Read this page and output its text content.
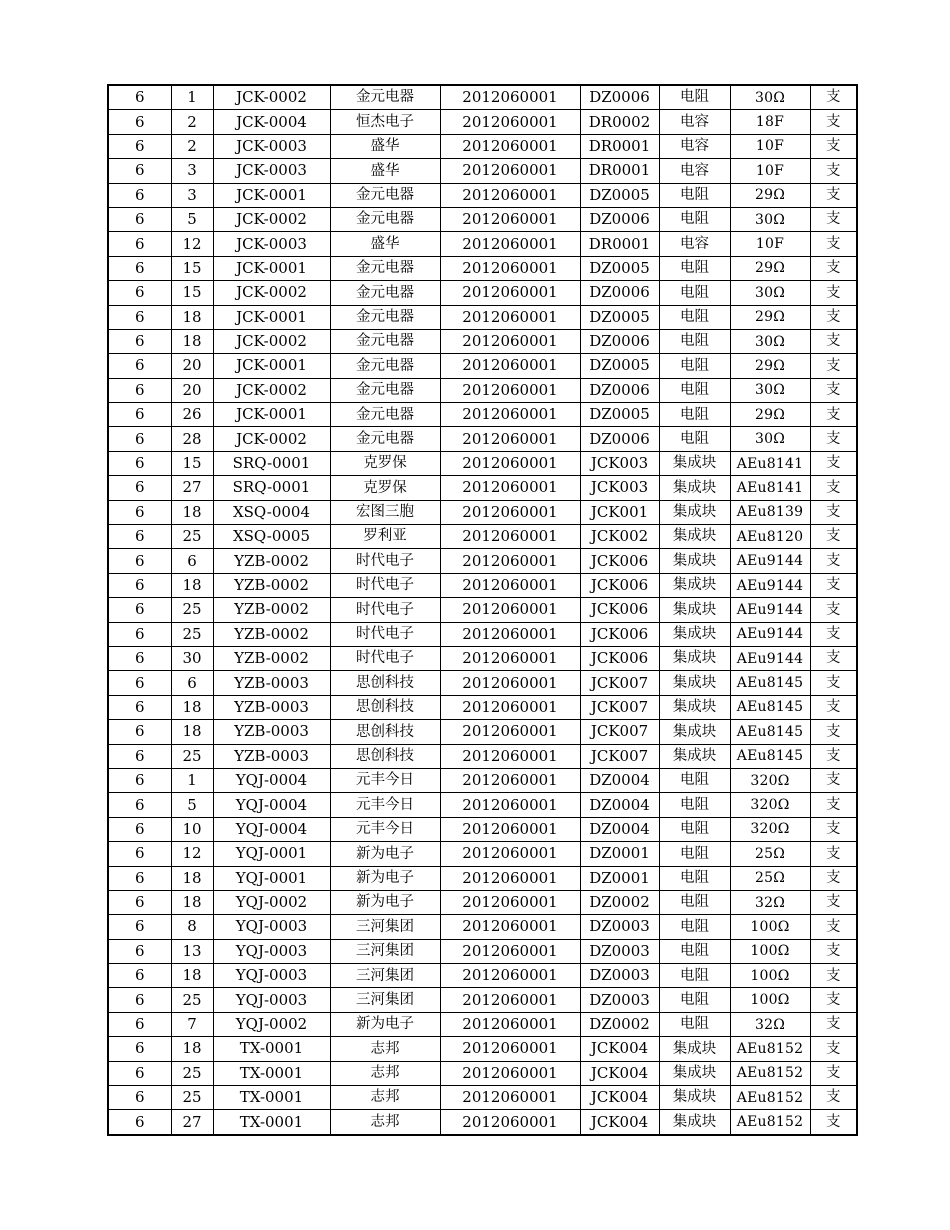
6	1	JCK-0002	金元电器	2012060001	DZ0006	电阻	30Ω	支
6	2	JCK-0004	恒杰电子	2012060001	DR0002	电容	18F	支
6	2	JCK-0003	盛华	2012060001	DR0001	电容	10F	支
6	3	JCK-0003	盛华	2012060001	DR0001	电容	10F	支
6	3	JCK-0001	金元电器	2012060001	DZ0005	电阻	29Ω	支
6	5	JCK-0002	金元电器	2012060001	DZ0006	电阻	30Ω	支
6	12	JCK-0003	盛华	2012060001	DR0001	电容	10F	支
6	15	JCK-0001	金元电器	2012060001	DZ0005	电阻	29Ω	支
6	15	JCK-0002	金元电器	2012060001	DZ0006	电阻	30Ω	支
6	18	JCK-0001	金元电器	2012060001	DZ0005	电阻	29Ω	支
6	18	JCK-0002	金元电器	2012060001	DZ0006	电阻	30Ω	支
6	20	JCK-0001	金元电器	2012060001	DZ0005	电阻	29Ω	支
6	20	JCK-0002	金元电器	2012060001	DZ0006	电阻	30Ω	支
6	26	JCK-0001	金元电器	2012060001	DZ0005	电阻	29Ω	支
6	28	JCK-0002	金元电器	2012060001	DZ0006	电阻	30Ω	支
6	15	SRQ-0001	克罗保	2012060001	JCK003	集成块	AEu8141	支
6	27	SRQ-0001	克罗保	2012060001	JCK003	集成块	AEu8141	支
6	18	XSQ-0004	宏图三胞	2012060001	JCK001	集成块	AEu8139	支
6	25	XSQ-0005	罗利亚	2012060001	JCK002	集成块	AEu8120	支
6	6	YZB-0002	时代电子	2012060001	JCK006	集成块	AEu9144	支
6	18	YZB-0002	时代电子	2012060001	JCK006	集成块	AEu9144	支
6	25	YZB-0002	时代电子	2012060001	JCK006	集成块	AEu9144	支
6	25	YZB-0002	时代电子	2012060001	JCK006	集成块	AEu9144	支
6	30	YZB-0002	时代电子	2012060001	JCK006	集成块	AEu9144	支
6	6	YZB-0003	思创科技	2012060001	JCK007	集成块	AEu8145	支
6	18	YZB-0003	思创科技	2012060001	JCK007	集成块	AEu8145	支
6	18	YZB-0003	思创科技	2012060001	JCK007	集成块	AEu8145	支
6	25	YZB-0003	思创科技	2012060001	JCK007	集成块	AEu8145	支
6	1	YQJ-0004	元丰今日	2012060001	DZ0004	电阻	320Ω	支
6	5	YQJ-0004	元丰今日	2012060001	DZ0004	电阻	320Ω	支
6	10	YQJ-0004	元丰今日	2012060001	DZ0004	电阻	320Ω	支
6	12	YQJ-0001	新为电子	2012060001	DZ0001	电阻	25Ω	支
6	18	YQJ-0001	新为电子	2012060001	DZ0001	电阻	25Ω	支
6	18	YQJ-0002	新为电子	2012060001	DZ0002	电阻	32Ω	支
6	8	YQJ-0003	三河集团	2012060001	DZ0003	电阻	100Ω	支
6	13	YQJ-0003	三河集团	2012060001	DZ0003	电阻	100Ω	支
6	18	YQJ-0003	三河集团	2012060001	DZ0003	电阻	100Ω	支
6	25	YQJ-0003	三河集团	2012060001	DZ0003	电阻	100Ω	支
6	7	YQJ-0002	新为电子	2012060001	DZ0002	电阻	32Ω	支
6	18	TX-0001	志邦	2012060001	JCK004	集成块	AEu8152	支
6	25	TX-0001	志邦	2012060001	JCK004	集成块	AEu8152	支
6	25	TX-0001	志邦	2012060001	JCK004	集成块	AEu8152	支
6	27	TX-0001	志邦	2012060001	JCK004	集成块	AEu8152	支
